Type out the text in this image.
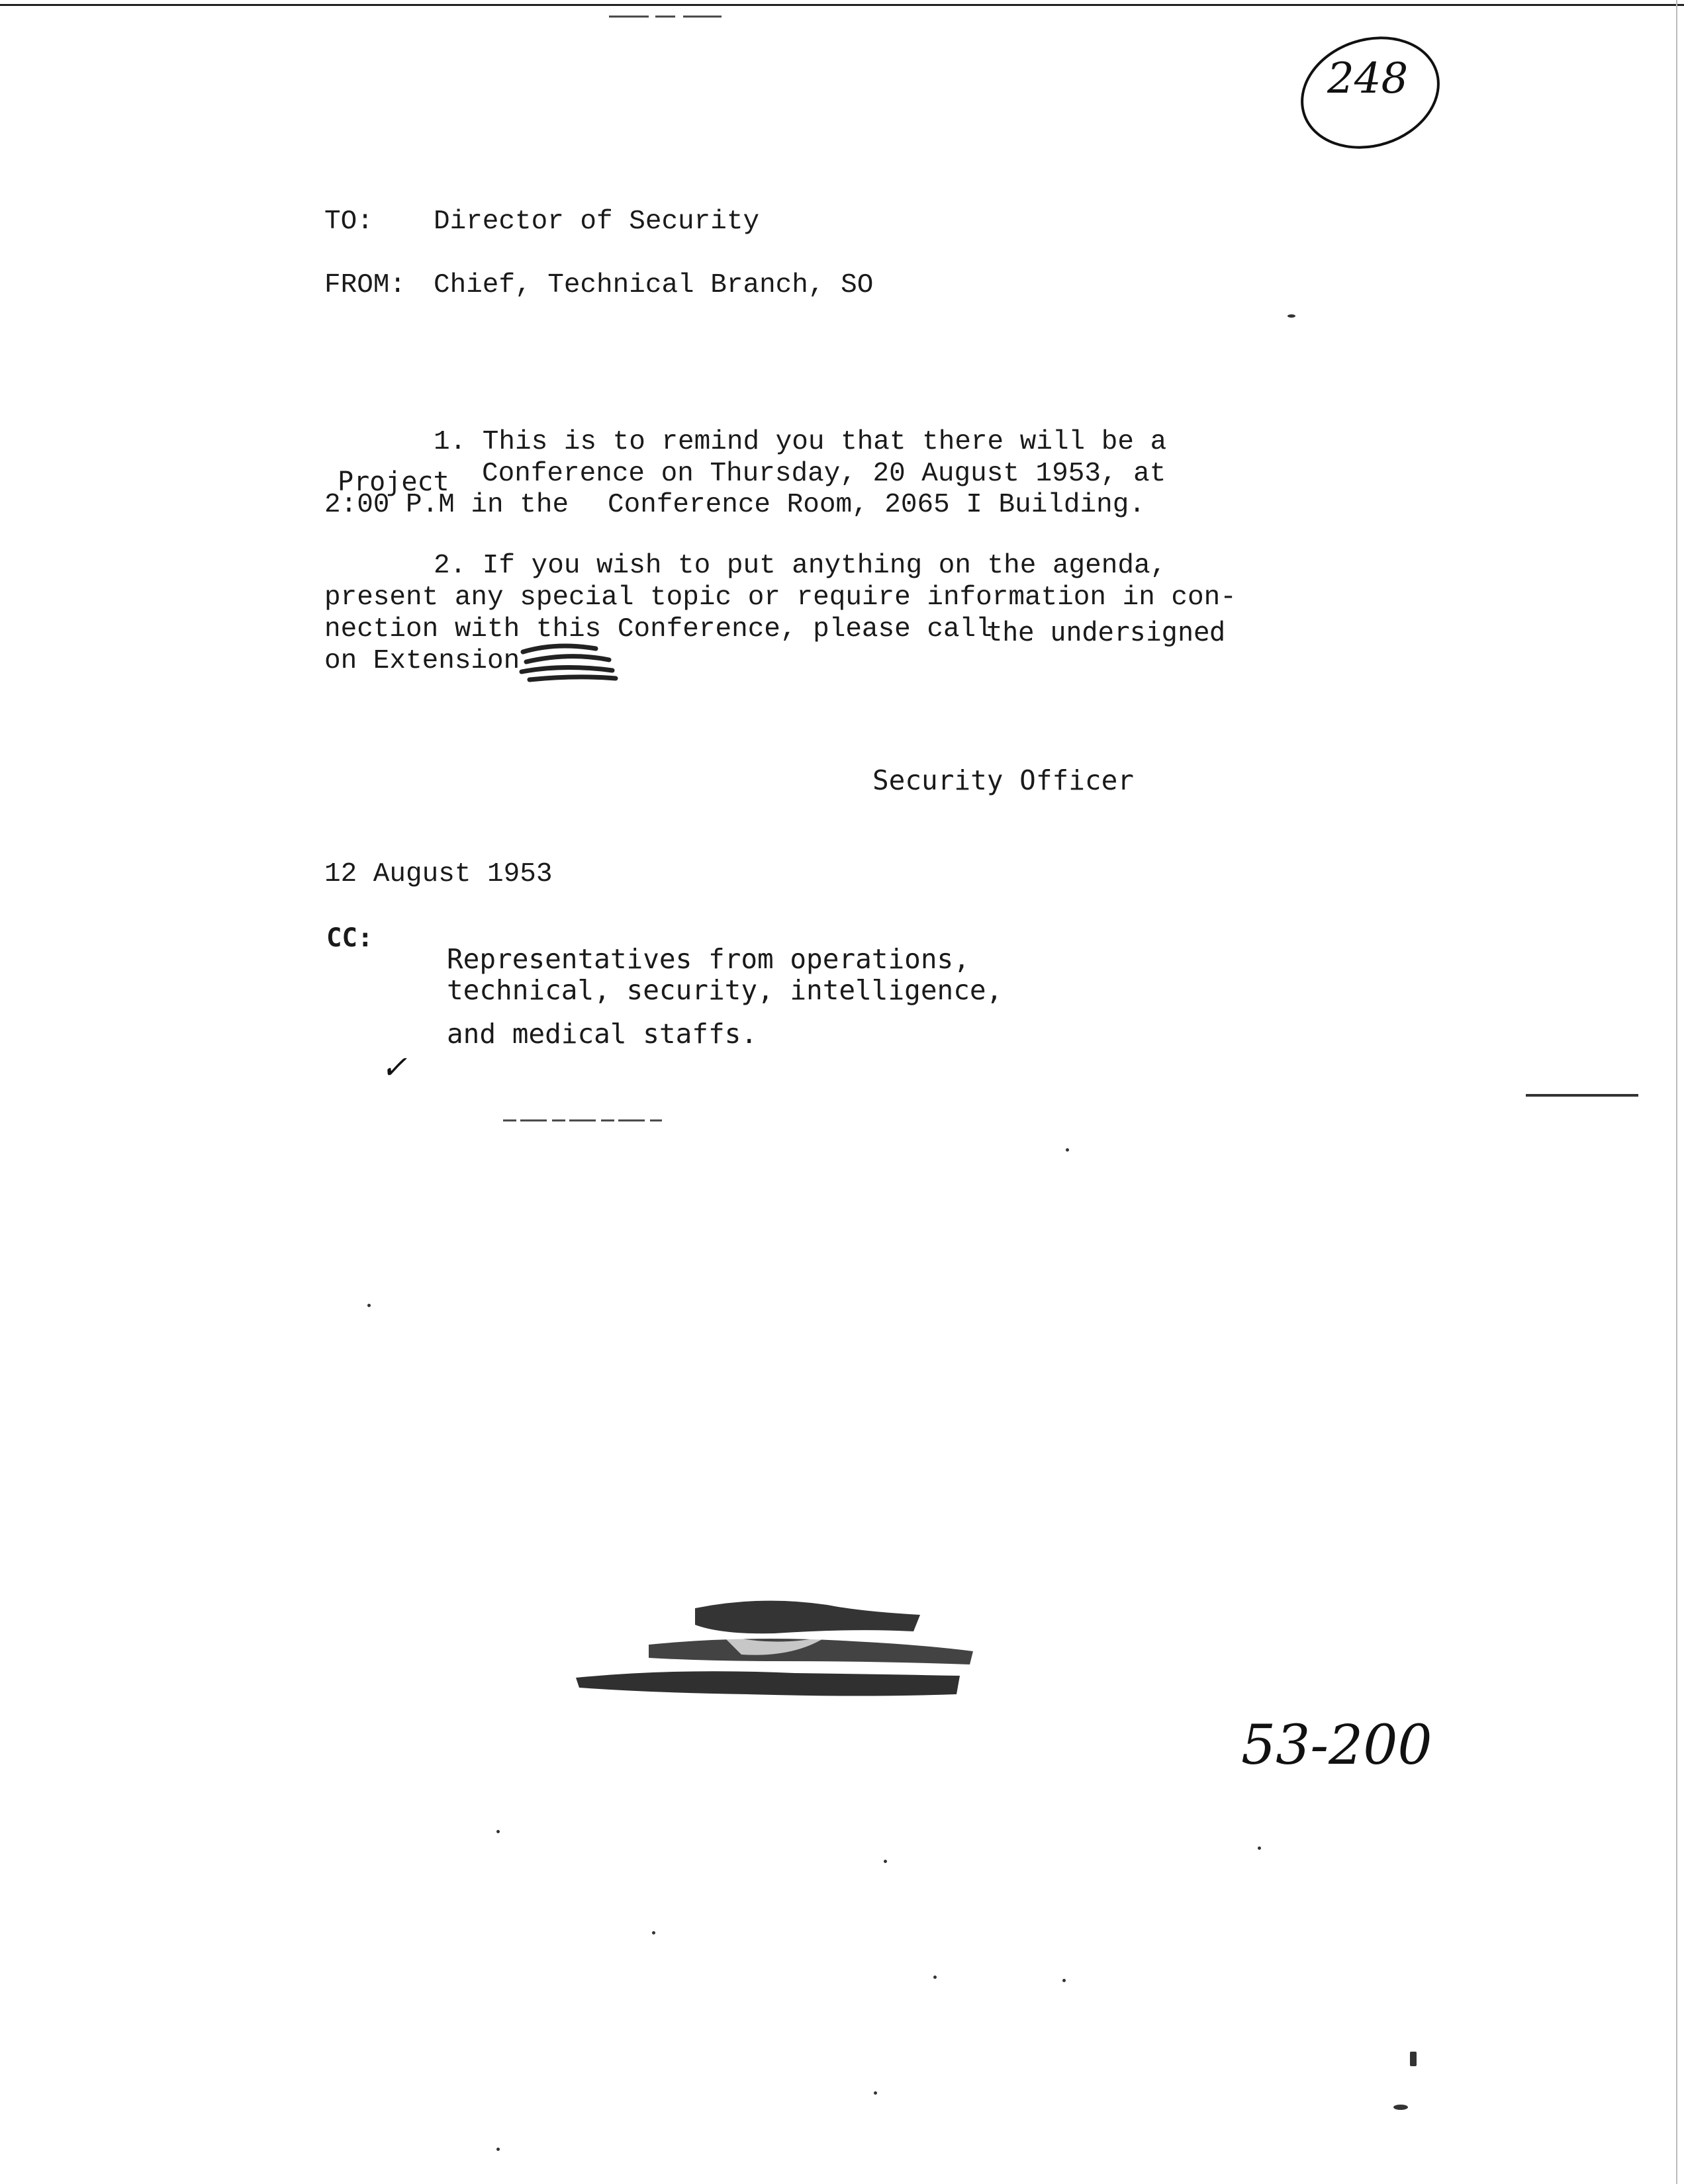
248
TO: Director of Security
FROM: Chief, Technical Branch, SO
1. This is to remind you that there will be a
Project Conference on Thursday, 20 August 1953, at
2:00 P.M in the Conference Room, 2065 I Building.
2. If you wish to put anything on the agenda,
present any special topic or require information in con-
nection with this Conference, please call
the undersigned
on Extension
Security Officer
12 August 1953
CC:
Representatives from operations,
technical, security, intelligence,
and medical staffs.
✓
53-200
